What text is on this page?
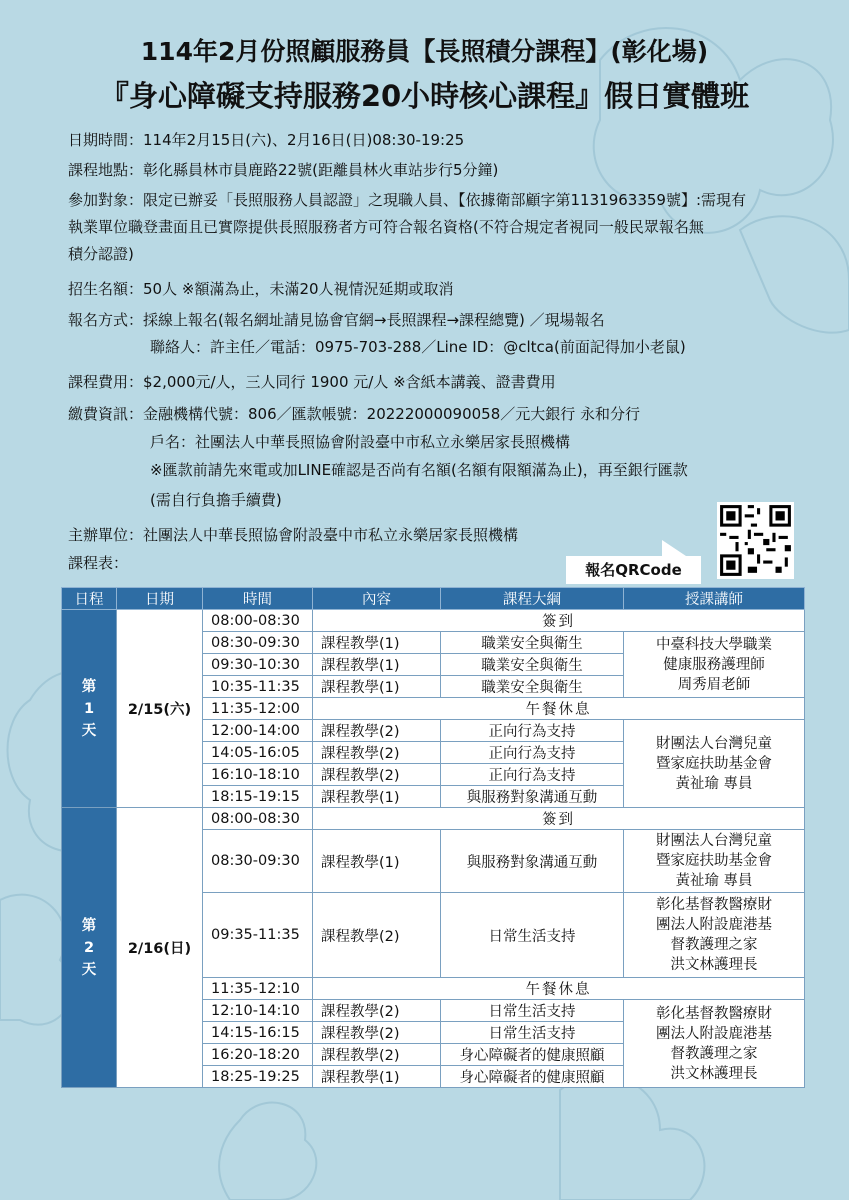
114年2月份照顧服務員【長照積分課程】(彰化場)
『身心障礙支持服務20小時核心課程』假日實體班
日期時間：114年2月15日(六)、2月16日(日)08:30-19:25
課程地點：彰化縣員林市員鹿路22號(距離員林火車站步行5分鐘)
參加對象：限定已辦妥「長照服務人員認證」之現職人員、【依據衛部顧字第1131963359號】:需現有
執業單位職登畫面且已實際提供長照服務者方可符合報名資格(不符合規定者視同一般民眾報名無
積分認證)
招生名額：50人 ※額滿為止，未滿20人視情況延期或取消
報名方式：採線上報名(報名網址請見協會官網→長照課程→課程總覽) ／現場報名
聯絡人：許主任／電話：0975-703-288／Line ID：@cltca(前面記得加小老鼠)
課程費用：$2,000元/人，三人同行 1900 元/人 ※含紙本講義、證書費用
繳費資訊：金融機構代號：806／匯款帳號：20222000090058／元大銀行 永和分行
戶名：社團法人中華長照協會附設臺中市私立永樂居家長照機構
※匯款前請先來電或加LINE確認是否尚有名額(名額有限額滿為止)，再至銀行匯款
(需自行負擔手續費)
主辦單位：社團法人中華長照協會附設臺中市私立永樂居家長照機構
課程表：	報名QRCode
日程	日期	時間	內容	課程大綱	授課講師
第
1
天	2/15(六)	08:00-08:30	簽到		
		08:30-09:30	課程教學(1)	職業安全與衛生	中臺科技大學職業
健康服務護理師
周秀眉老師
		09:30-10:30	課程教學(1)	職業安全與衛生	
		10:35-11:35	課程教學(1)	職業安全與衛生	
		11:35-12:00	午餐休息		
		12:00-14:00	課程教學(2)	正向行為支持	財團法人台灣兒童
暨家庭扶助基金會
黃祉瑜 專員
		14:05-16:05	課程教學(2)	正向行為支持	
		16:10-18:10	課程教學(2)	正向行為支持	
		18:15-19:15	課程教學(1)	與服務對象溝通互動	
第
2
天	2/16(日)	08:00-08:30	簽到		
		08:30-09:30	課程教學(1)	與服務對象溝通互動	財團法人台灣兒童
暨家庭扶助基金會
黃祉瑜 專員
		09:35-11:35	課程教學(2)	日常生活支持	彰化基督教醫療財
團法人附設鹿港基
督教護理之家
洪文林護理長
		11:35-12:10	午餐休息		
		12:10-14:10	課程教學(2)	日常生活支持	彰化基督教醫療財
團法人附設鹿港基
督教護理之家
洪文林護理長
		14:15-16:15	課程教學(2)	日常生活支持	
		16:20-18:20	課程教學(2)	身心障礙者的健康照顧	
		18:25-19:25	課程教學(1)	身心障礙者的健康照顧	
